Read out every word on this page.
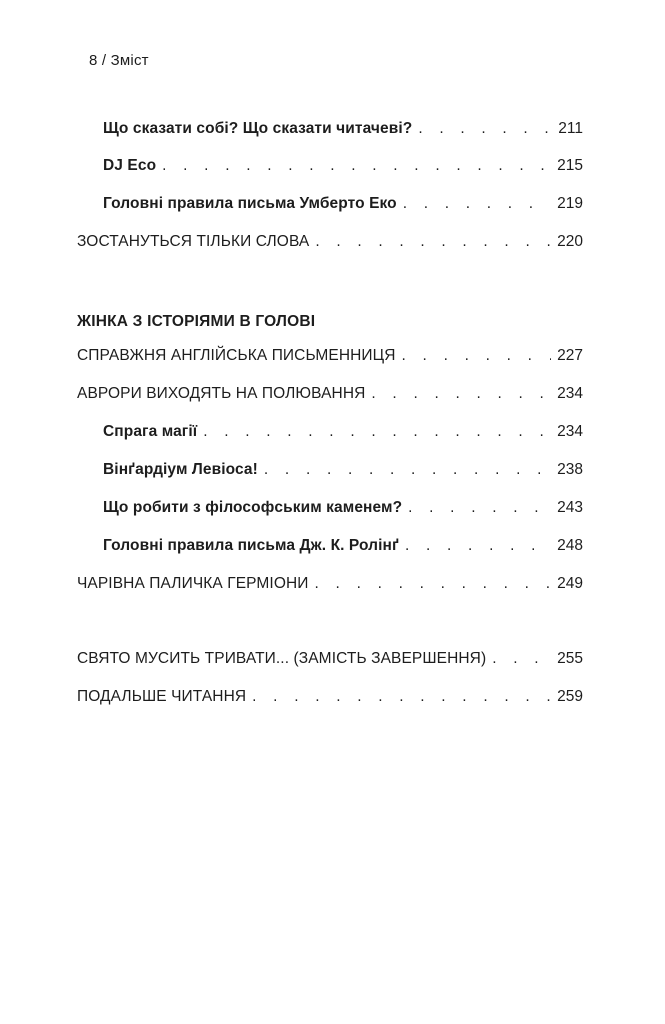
8 / Зміст
Що сказати собі? Що сказати читачеві? . . .	211
DJ Eco . . .	215
Головні правила письма Умберто Еко . . .	219
ЗОСТАНУТЬСЯ ТІЛЬКИ СЛОВА . . .	220
ЖІНКА З ІСТОРІЯМИ В ГОЛОВІ
СПРАВЖНЯ АНГЛІЙСЬКА ПИСЬМЕННИЦЯ . . .	227
АВРОРИ ВИХОДЯТЬ НА ПОЛЮВАННЯ . . .	234
Спрага магії . . .	234
Вінґардіум Левіоса! . . .	238
Що робити з філософським каменем? . . .	243
Головні правила письма Дж. К. Ролінґ . . .	248
ЧАРІВНА ПАЛИЧКА ГЕРМІОНИ . . .	249
СВЯТО МУСИТЬ ТРИВАТИ... (ЗАМІСТЬ ЗАВЕРШЕННЯ) . . .	255
ПОДАЛЬШЕ ЧИТАННЯ . . .	259
